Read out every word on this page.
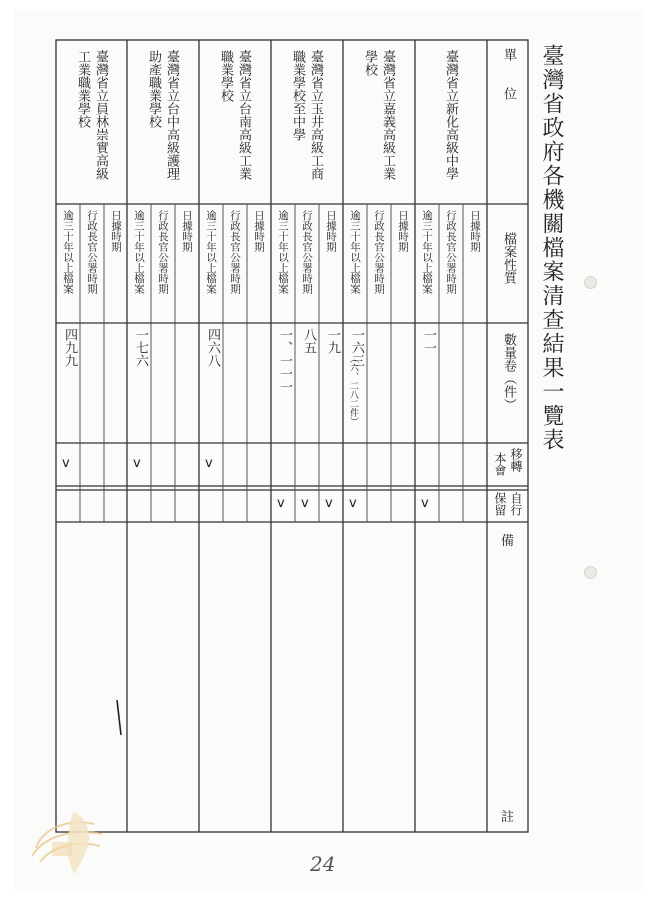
臺灣省政府各機關檔案清查結果一覽表
單　　位
檔案性質
數量卷（件）
移轉
本會
自行
保留
備
註
臺灣省立新化高級中學
日據時期
行政長官公署時期
逾三十年以上檔案
一一
v
臺灣省立嘉義高級工業
學校
日據時期
行政長官公署時期
逾三十年以上檔案
一六三
v
（六、二八二件）
臺灣省立玉井高級工商
職業學校至中學
日據時期
一九
v
行政長官公署時期
八五
v
逾三十年以上檔案
一、一一一
v
臺灣省立台南高級工業
職業學校
日據時期
行政長官公署時期
逾三十年以上檔案
四六八
v
臺灣省立台中高級護理
助產職業學校
日據時期
行政長官公署時期
逾三十年以上檔案
一七六
v
臺灣省立員林崇實高級
工業職業學校
日據時期
行政長官公署時期
逾三十年以上檔案
四九九
v
24
